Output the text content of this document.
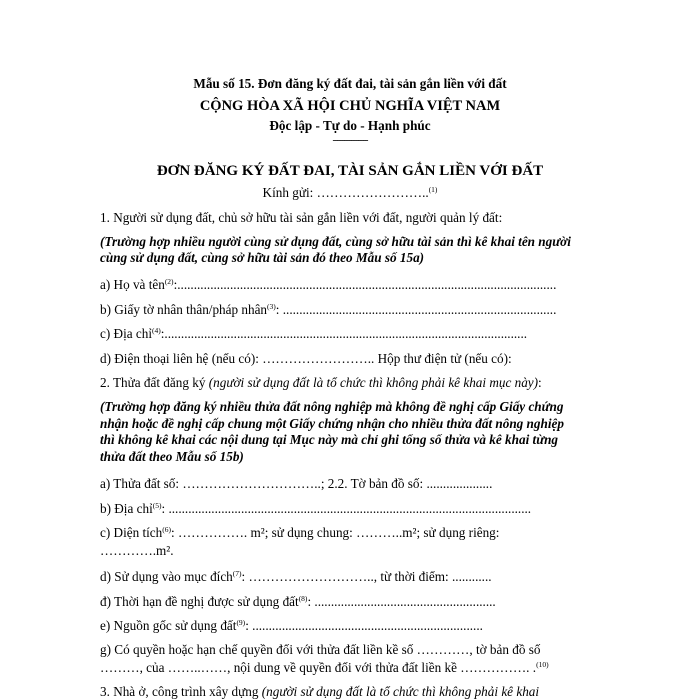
Mẫu số 15. Đơn đăng ký đất đai, tài sản gắn liền với đất
CỘNG HÒA XÃ HỘI CHỦ NGHĨA VIỆT NAM
Độc lập - Tự do - Hạnh phúc
---------------
ĐƠN ĐĂNG KÝ ĐẤT ĐAI, TÀI SẢN GẮN LIỀN VỚI ĐẤT
Kính gửi: ……………………..$^{(1)}$
1. Người sử dụng đất, chủ sở hữu tài sản gắn liền với đất, người quản lý đất:
(Trường hợp nhiều người cùng sử dụng đất, cùng sở hữu tài sản thì kê khai tên người
cùng sử dụng đất, cùng sở hữu tài sản đó theo Mẫu số 15a)
a) Họ và tên$^{(2)}$:...................................................................................................................
b) Giấy tờ nhân thân/pháp nhân$^{(3)}$: ...................................................................................
c) Địa chỉ$^{(4)}$:..............................................................................................................
d) Điện thoại liên hệ (nếu có): …………………….. Hộp thư điện tử (nếu có):
2. Thửa đất đăng ký (người sử dụng đất là tổ chức thì không phải kê khai mục này):
(Trường hợp đăng ký nhiều thửa đất nông nghiệp mà không đề nghị cấp Giấy chứng
nhận hoặc đề nghị cấp chung một Giấy chứng nhận cho nhiều thửa đất nông nghiệp
thì không kê khai các nội dung tại Mục này mà chỉ ghi tổng số thửa và kê khai từng
thửa đất theo Mẫu số 15b)
a) Thửa đất số: …………………………..; 2.2. Tờ bản đồ số: ....................
b) Địa chỉ$^{(5)}$: ..............................................................................................................
c) Diện tích$^{(6)}$: ……………. m²; sử dụng chung: ………..m²; sử dụng riêng:
………….m².
d) Sử dụng vào mục đích$^{(7)}$: ……………………….., từ thời điểm: ............
đ) Thời hạn đề nghị được sử dụng đất$^{(8)}$: .......................................................
e) Nguồn gốc sử dụng đất$^{(9)}$: ......................................................................
g) Có quyền hoặc hạn chế quyền đối với thửa đất liền kề số …………, tờ bản đồ số
………, của ……..……, nội dung về quyền đối với thửa đất liền kề ……………. .$^{(10)}$
3. Nhà ở, công trình xây dựng (người sử dụng đất là tổ chức thì không phải kê khai
